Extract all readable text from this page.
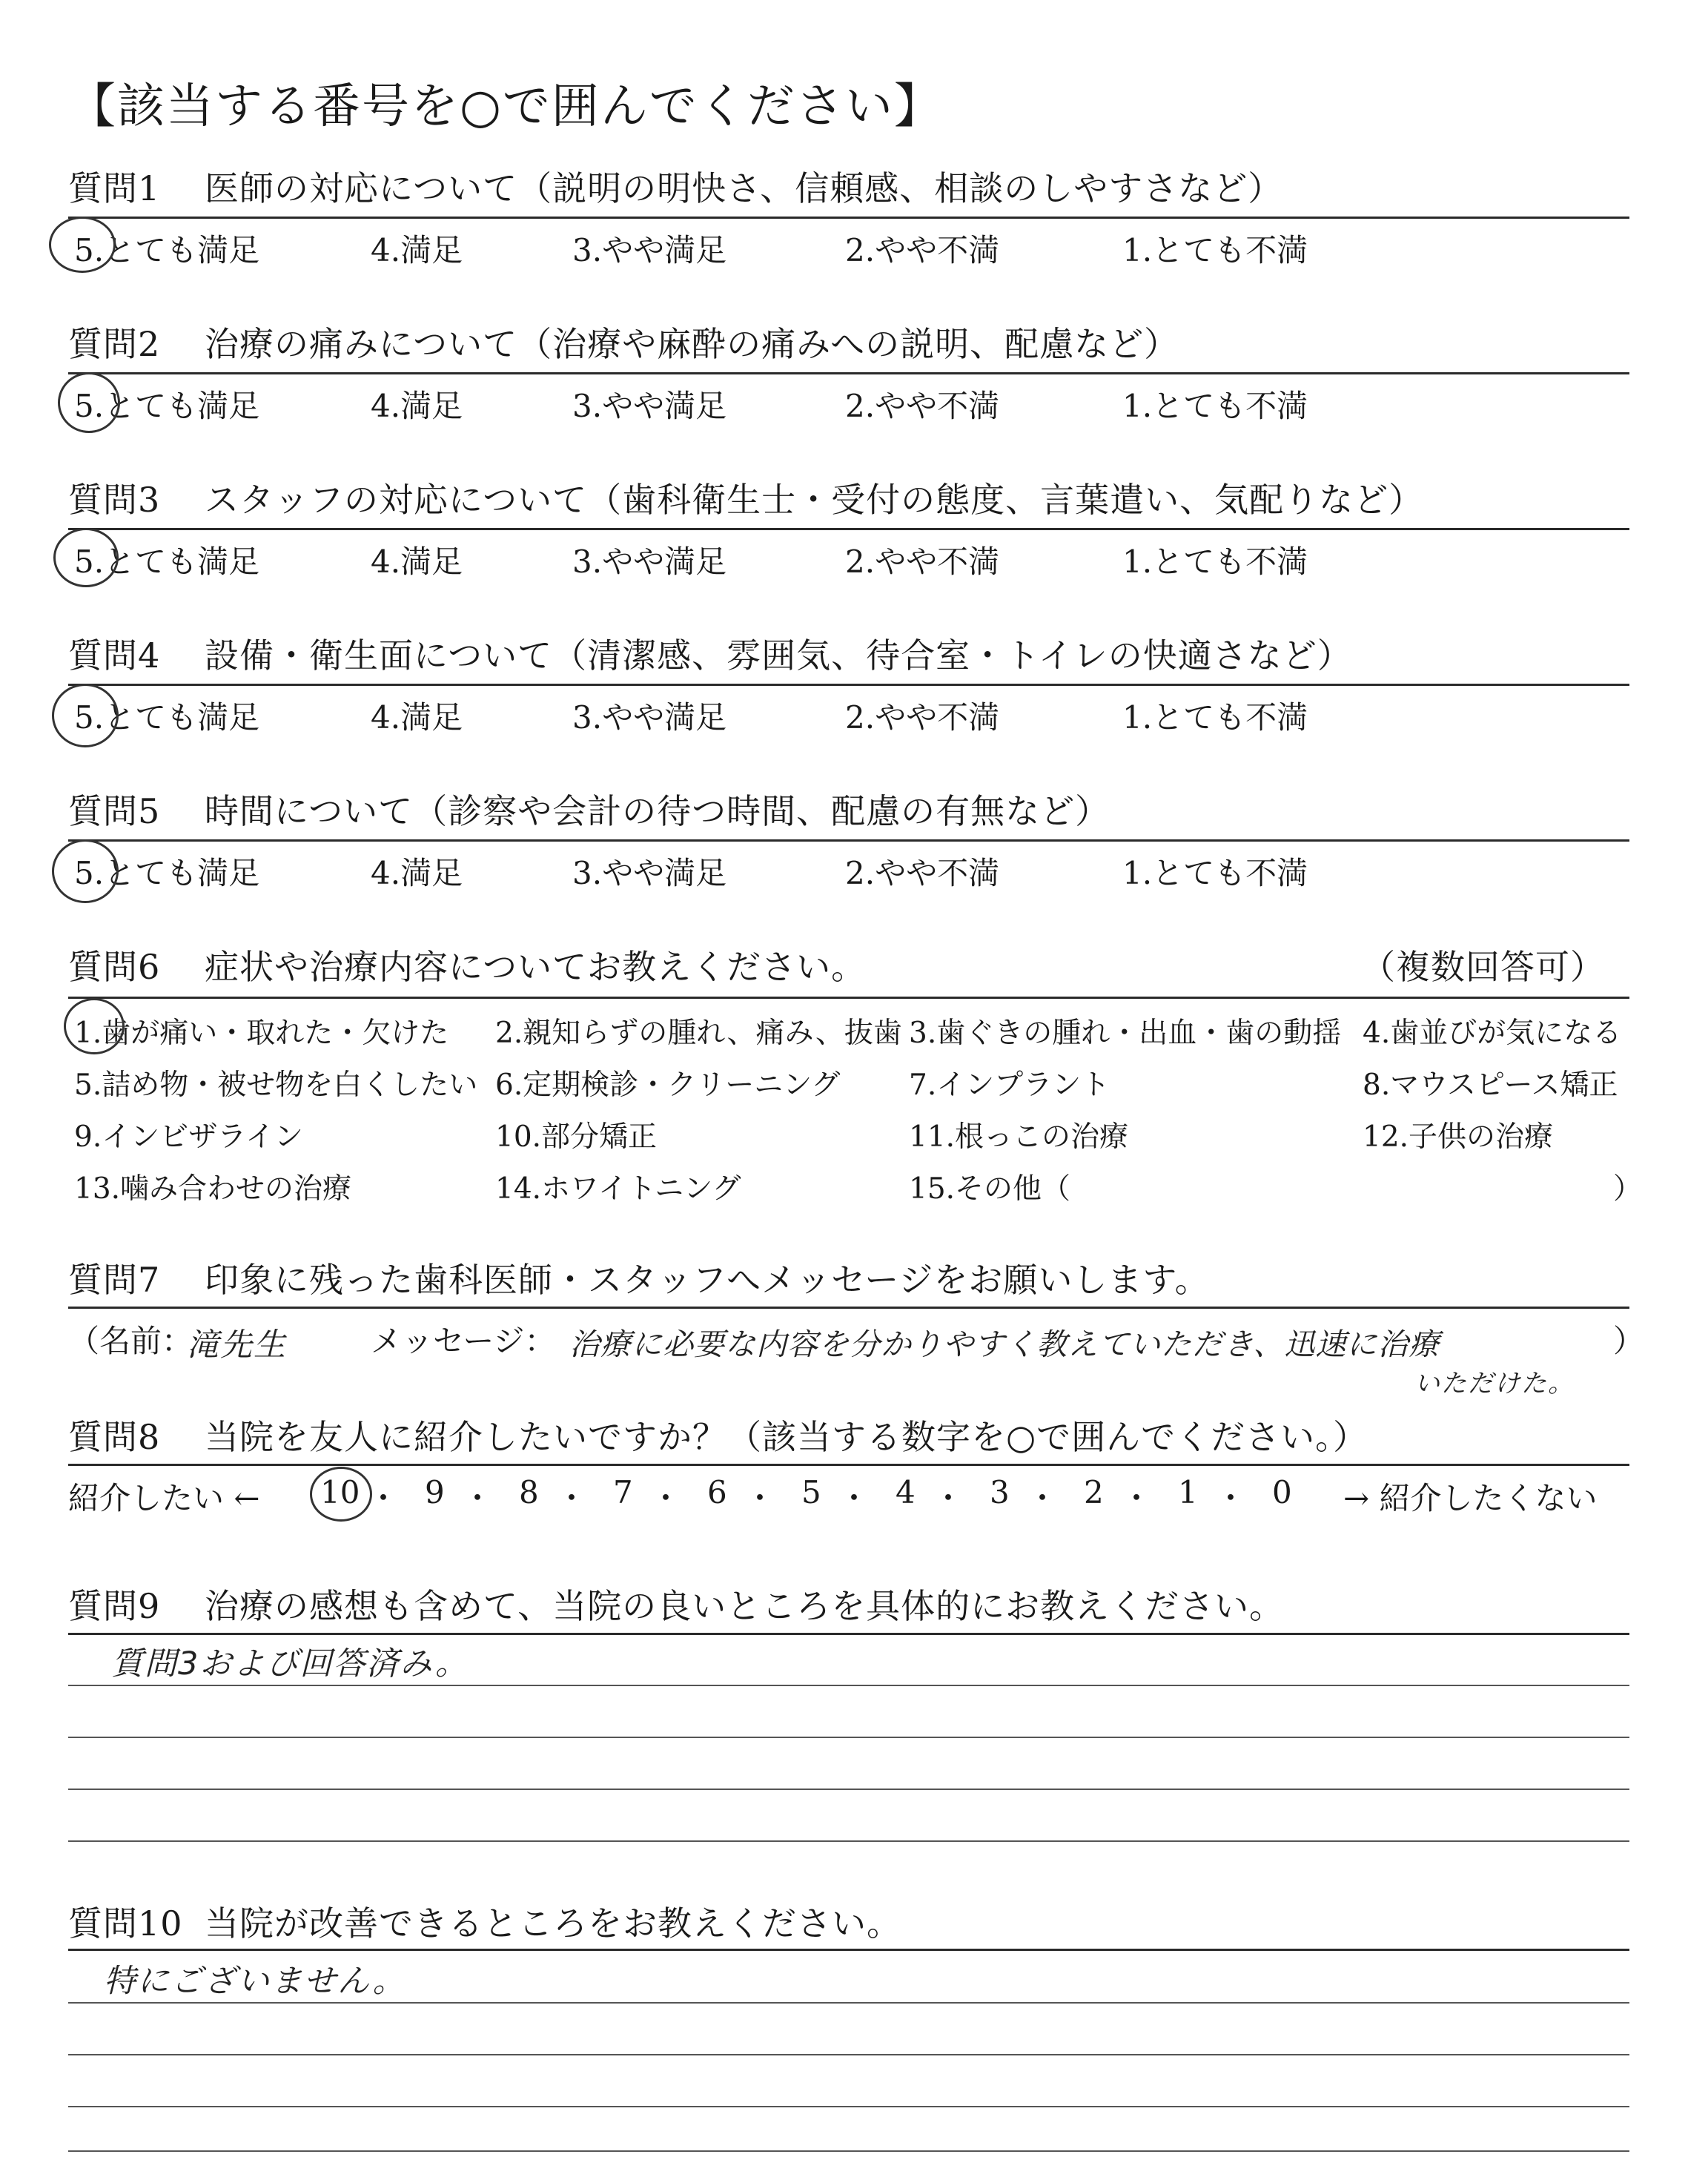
【該当する番号を○で囲んでください】
質問1 医師の対応について（説明の明快さ、信頼感、相談のしやすさなど）
5.とても満足	4.満足	3.やや満足	2.やや不満	1.とても不満
質問2 治療の痛みについて（治療や麻酔の痛みへの説明、配慮など）
5.とても満足	4.満足	3.やや満足	2.やや不満	1.とても不満
質問3 スタッフの対応について（歯科衛生士・受付の態度、言葉遣い、気配りなど）
5.とても満足	4.満足	3.やや満足	2.やや不満	1.とても不満
質問4 設備・衛生面について（清潔感、雰囲気、待合室・トイレの快適さなど）
5.とても満足	4.満足	3.やや満足	2.やや不満	1.とても不満
質問5 時間について（診察や会計の待つ時間、配慮の有無など）
5.とても満足	4.満足	3.やや満足	2.やや不満	1.とても不満
質問6 症状や治療内容についてお教えください。	（複数回答可）
1.歯が痛い・取れた・欠けた 2.親知らずの腫れ、痛み、抜歯 3.歯ぐきの腫れ・出血・歯の動揺 4.歯並びが気になる
5.詰め物・被せ物を白くしたい 6.定期検診・クリーニング 7.インプラント	8.マウスピース矯正
9.インビザライン	10.部分矯正	11.根っこの治療	12.子供の治療
13.噛み合わせの治療	14.ホワイトニング	15.その他（	）
質問7 印象に残った歯科医師・スタッフへメッセージをお願いします。
（名前：
滝先生	メッセージ： 治療に必要な内容を分かりやすく教えていただき、迅速に治療
いただけた。
）
質問8 当院を友人に紹介したいですか？（該当する数字を○で囲んでください。）
紹介したい ←	→ 紹介したくない
質問9 治療の感想も含めて、当院の良いところを具体的にお教えください。
質問3および回答済み。
質問10 当院が改善できるところをお教えください。
特にございません。
10 ・ 9 ・ 8 ・ 7 ・ 6 ・ 5 ・ 4 ・ 3 ・ 2 ・ 1 ・ 0
